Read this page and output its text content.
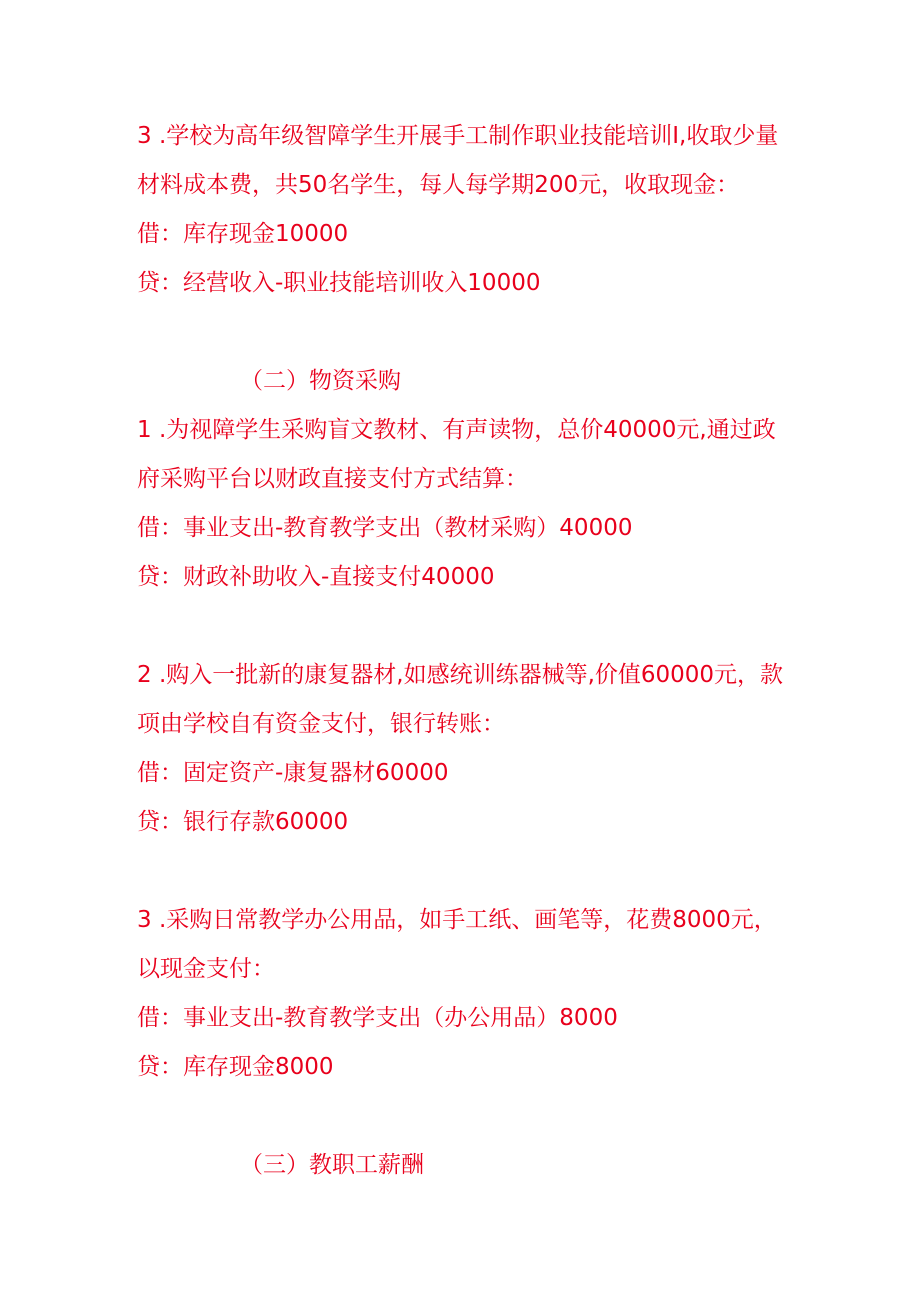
3 .学校为高年级智障学生开展手工制作职业技能培训I,收取少量
材料成本费，共50名学生，每人每学期200元，收取现金：
借：库存现金10000
贷：经营收入-职业技能培训收入10000
（二）物资采购
1 .为视障学生采购盲文教材、有声读物，总价40000元,通过政
府采购平台以财政直接支付方式结算：
借：事业支出-教育教学支出（教材采购）40000
贷：财政补助收入-直接支付40000
2 .购入一批新的康复器材,如感统训练器械等,价值60000元，款
项由学校自有资金支付，银行转账：
借：固定资产-康复器材60000
贷：银行存款60000
3 .采购日常教学办公用品，如手工纸、画笔等，花费8000元，
以现金支付：
借：事业支出-教育教学支出（办公用品）8000
贷：库存现金8000
（三）教职工薪酬
